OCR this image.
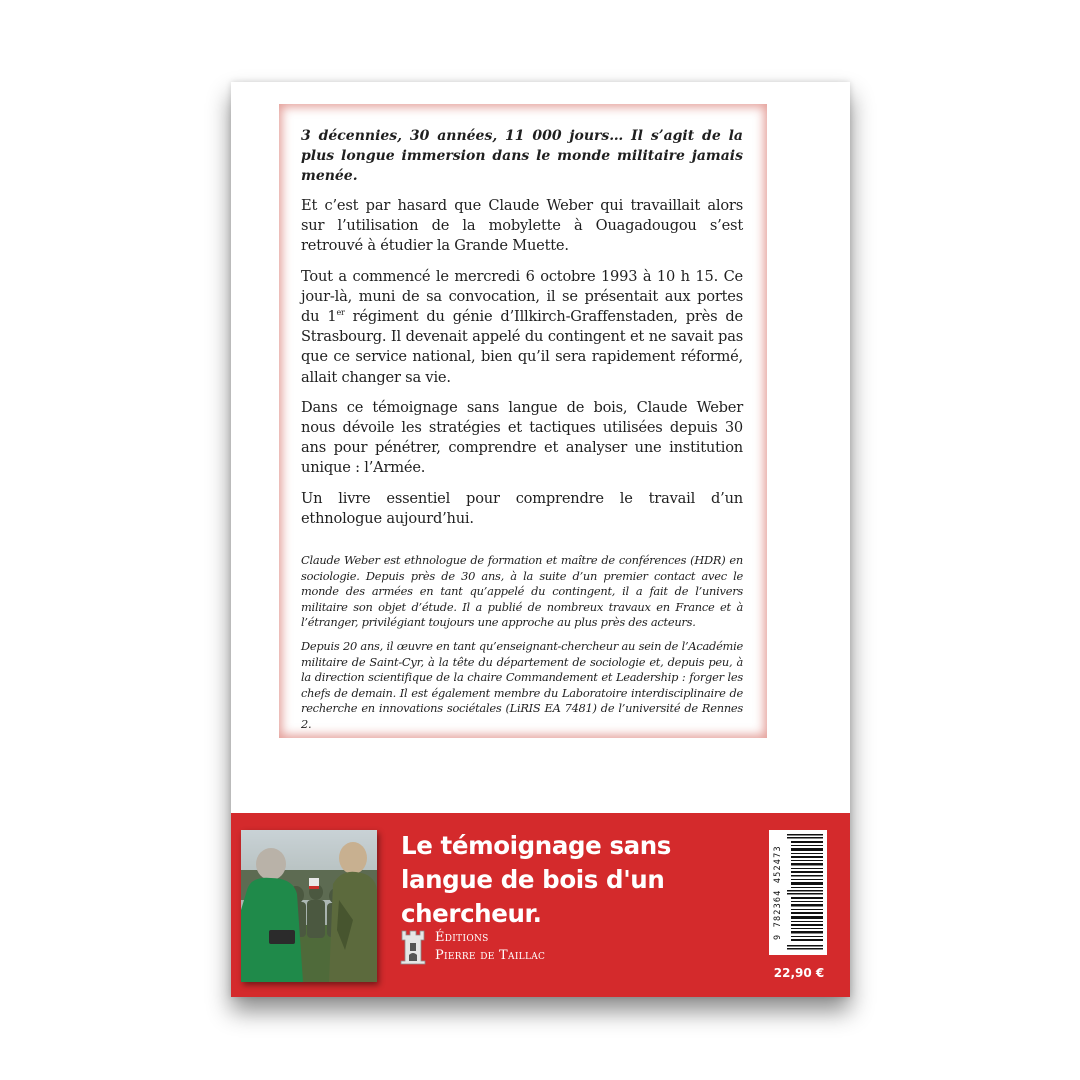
3 décennies, 30 années, 11 000 jours… Il s’agit de la plus longue immersion dans le monde militaire jamais menée.

Et c’est par hasard que Claude Weber qui travaillait alors sur l’utilisation de la mobylette à Ouagadougou s’est retrouvé à étudier la Grande Muette.

Tout a commencé le mercredi 6 octobre 1993 à 10 h 15. Ce jour-là, muni de sa convocation, il se présentait aux portes du 1er régiment du génie d’Illkirch-Graffenstaden, près de Strasbourg. Il devenait appelé du contingent et ne savait pas que ce service national, bien qu’il sera rapidement réformé, allait changer sa vie.

Dans ce témoignage sans langue de bois, Claude Weber nous dévoile les stratégies et tactiques utilisées depuis 30 ans pour pénétrer, comprendre et analyser une institution unique : l’Armée.

Un livre essentiel pour comprendre le travail d’un ethnologue aujourd’hui.

Claude Weber est ethnologue de formation et maître de conférences (HDR) en sociologie. Depuis près de 30 ans, à la suite d’un premier contact avec le monde des armées en tant qu’appelé du contingent, il a fait de l’univers militaire son objet d’étude. Il a publié de nombreux travaux en France et à l’étranger, privilégiant toujours une approche au plus près des acteurs.

Depuis 20 ans, il œuvre en tant qu’enseignant-chercheur au sein de l’Académie militaire de Saint-Cyr, à la tête du département de sociologie et, depuis peu, à la direction scientifique de la chaire Commandement et Leadership : forger les chefs de demain. Il est également membre du Laboratoire interdisciplinaire de recherche en innovations sociétales (LiRIS EA 7481) de l’université de Rennes 2.

Le témoignage sans langue de bois d'un chercheur.

Éditions
Pierre de Taillac

9 782364 452473

22,90 €
